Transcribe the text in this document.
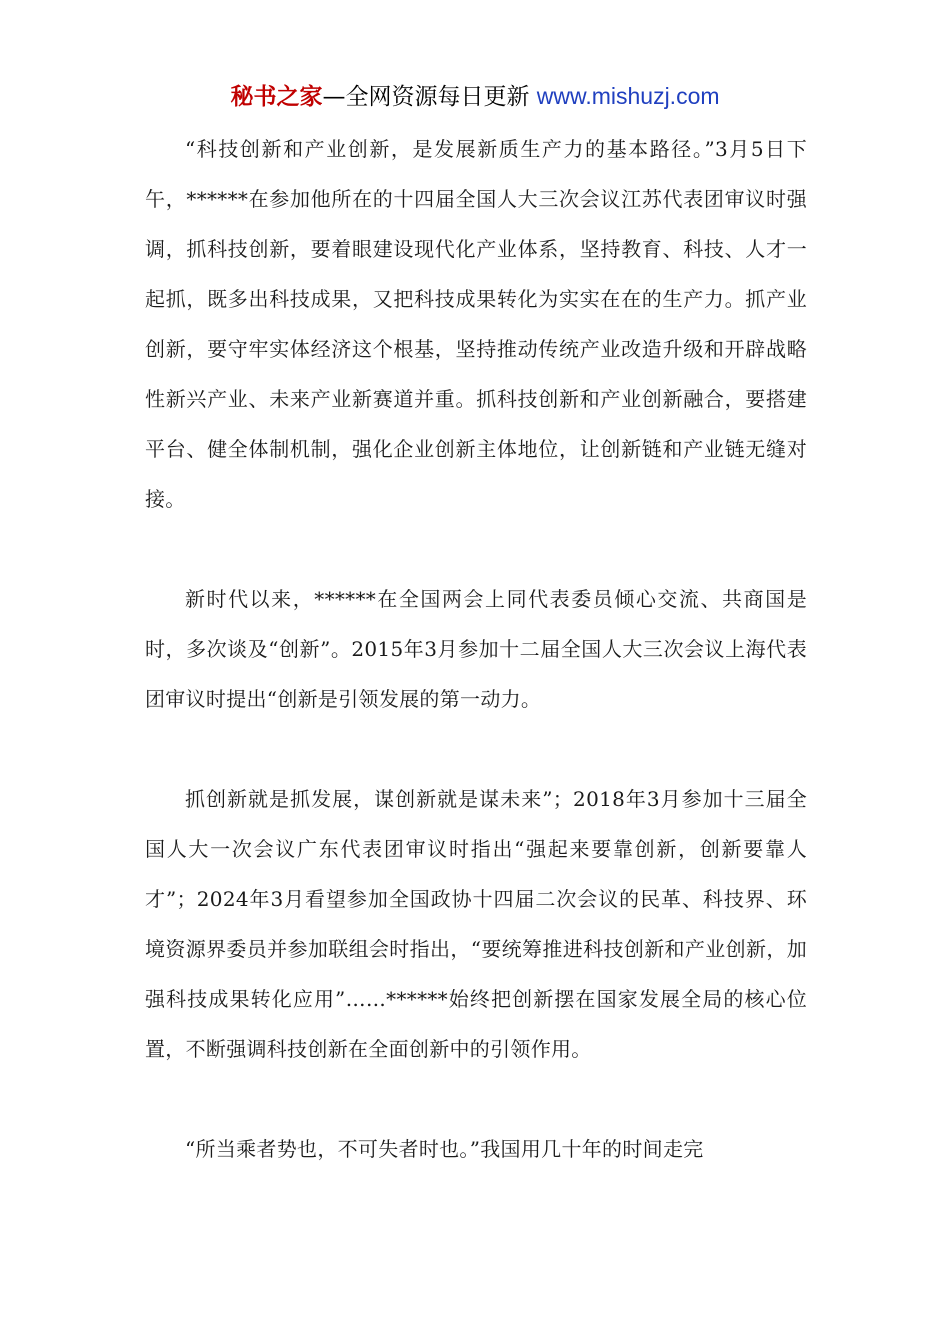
秘书之家—全网资源每日更新 www.mishuzj.com

“科技创新和产业创新，是发展新质生产力的基本路径。”3月5日下午，******在参加他所在的十四届全国人大三次会议江苏代表团审议时强调，抓科技创新，要着眼建设现代化产业体系，坚持教育、科技、人才一起抓，既多出科技成果，又把科技成果转化为实实在在的生产力。抓产业创新，要守牢实体经济这个根基，坚持推动传统产业改造升级和开辟战略性新兴产业、未来产业新赛道并重。抓科技创新和产业创新融合，要搭建平台、健全体制机制，强化企业创新主体地位，让创新链和产业链无缝对接。

新时代以来，******在全国两会上同代表委员倾心交流、共商国是时，多次谈及“创新”。2015年3月参加十二届全国人大三次会议上海代表团审议时提出“创新是引领发展的第一动力。

抓创新就是抓发展，谋创新就是谋未来”；2018年3月参加十三届全国人大一次会议广东代表团审议时指出“强起来要靠创新，创新要靠人才”；2024年3月看望参加全国政协十四届二次会议的民革、科技界、环境资源界委员并参加联组会时指出，“要统筹推进科技创新和产业创新，加强科技成果转化应用”……******始终把创新摆在国家发展全局的核心位置，不断强调科技创新在全面创新中的引领作用。

“所当乘者势也，不可失者时也。”我国用几十年的时间走完
